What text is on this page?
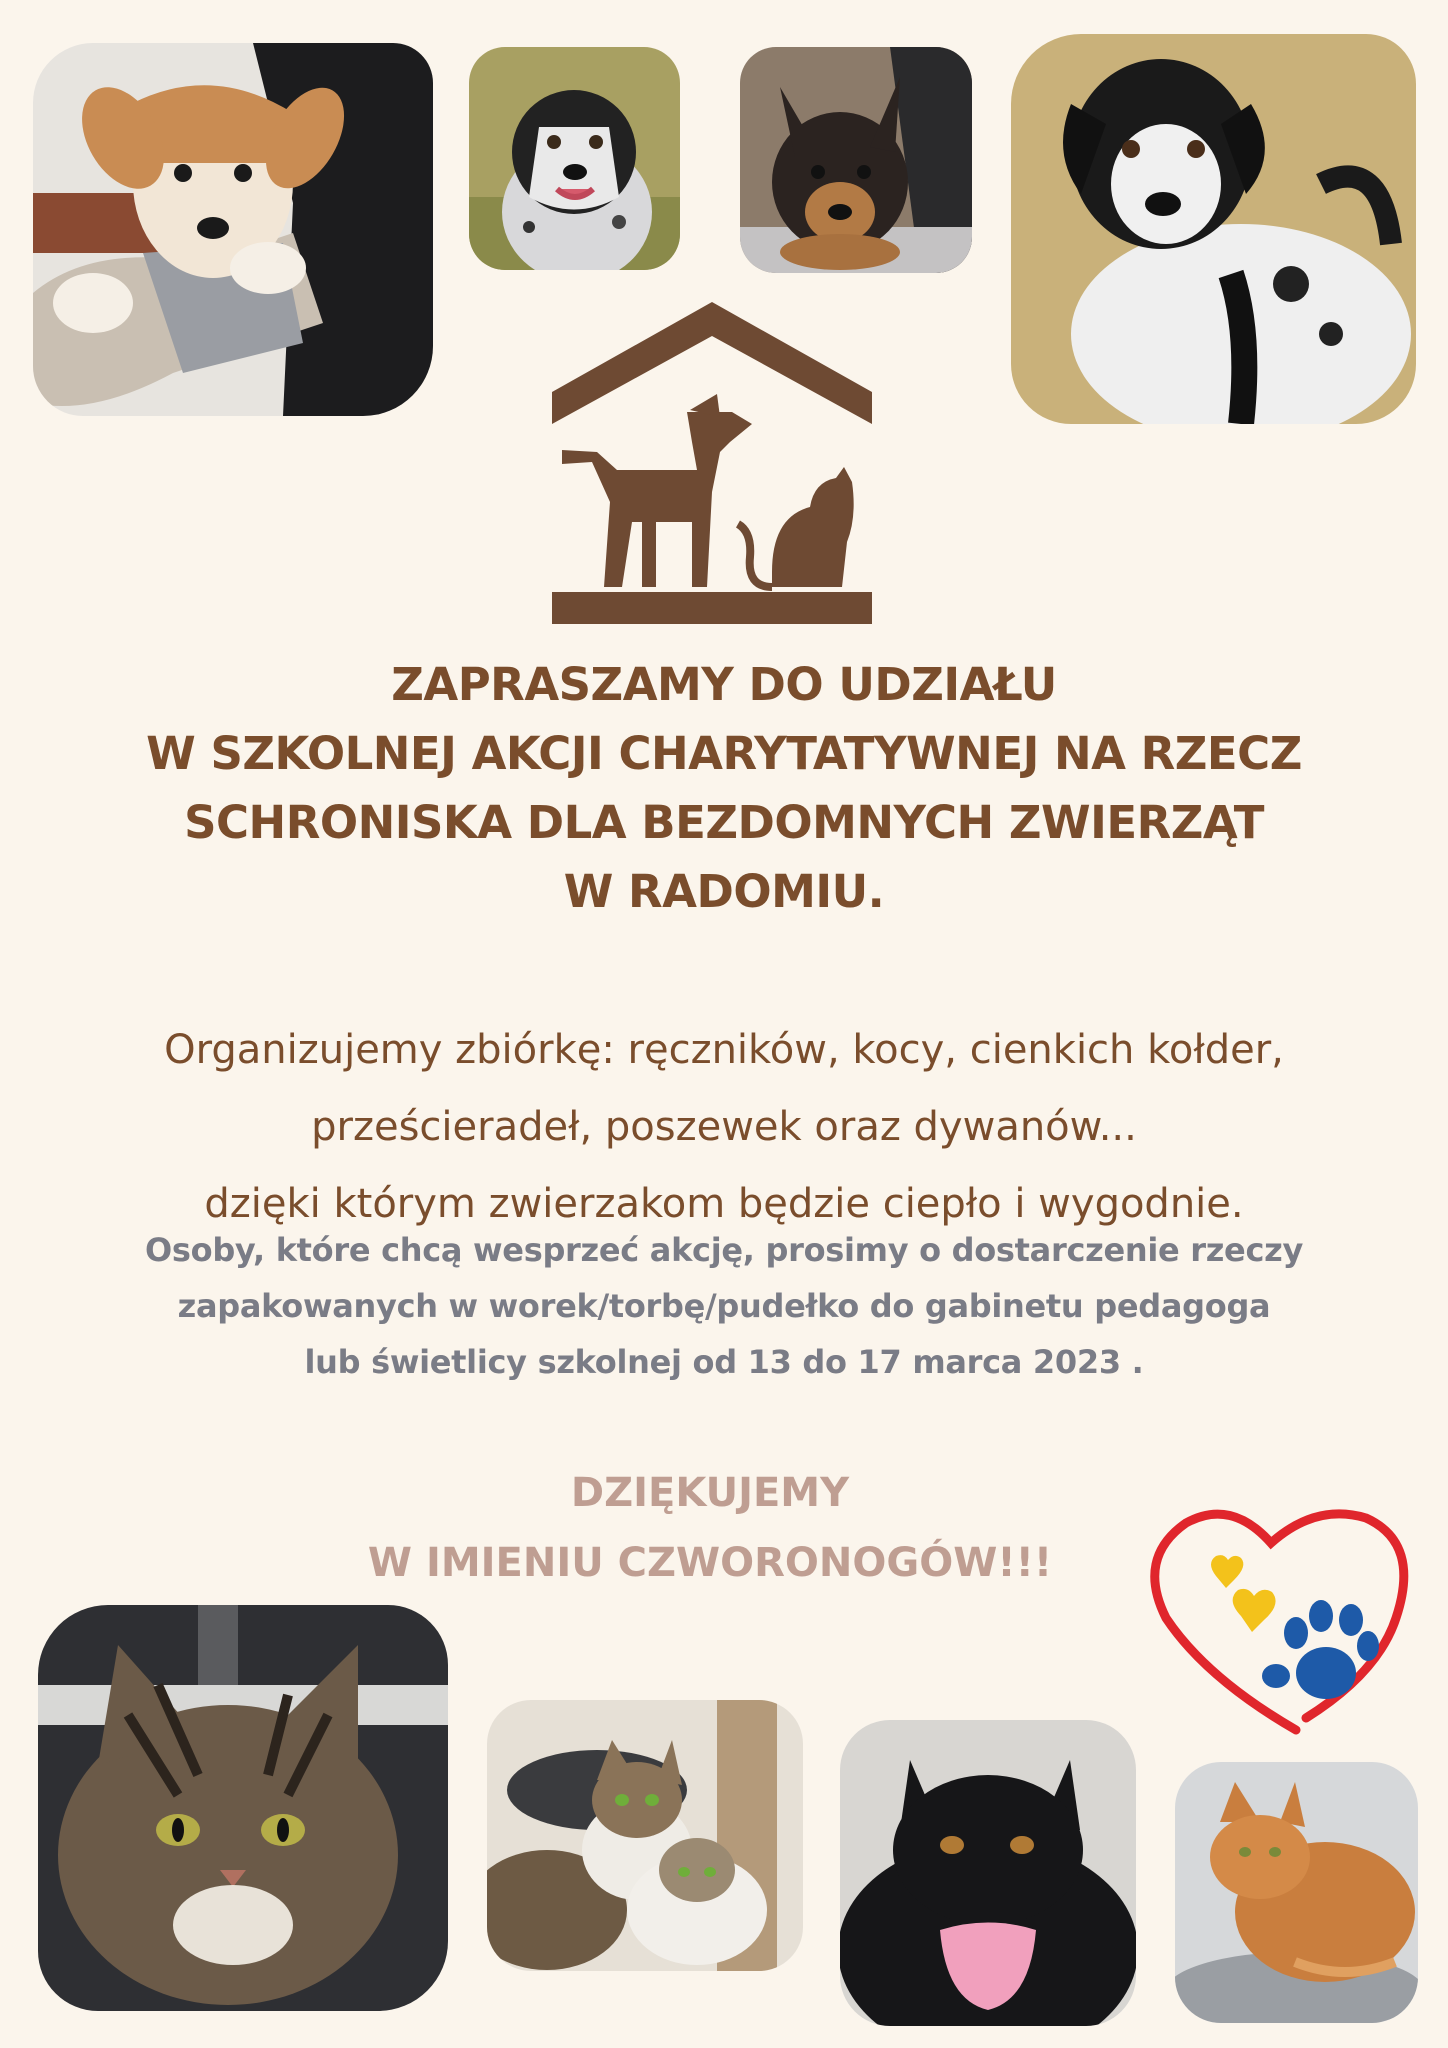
ZAPRASZAMY DO UDZIAŁU
W SZKOLNEJ AKCJI CHARYTATYWNEJ NA RZECZ
SCHRONISKA DLA BEZDOMNYCH ZWIERZĄT
W RADOMIU.
Organizujemy zbiórkę: ręczników, kocy, cienkich kołder,
prześcieradeł, poszewek oraz dywanów...
dzięki którym zwierzakom będzie ciepło i wygodnie.
Osoby, które chcą wesprzeć akcję, prosimy o dostarczenie rzeczy
zapakowanych w worek/torbę/pudełko do gabinetu pedagoga
lub świetlicy szkolnej od 13 do 17 marca 2023 .
DZIĘKUJEMY
W IMIENIU CZWORONOGÓW!!!
